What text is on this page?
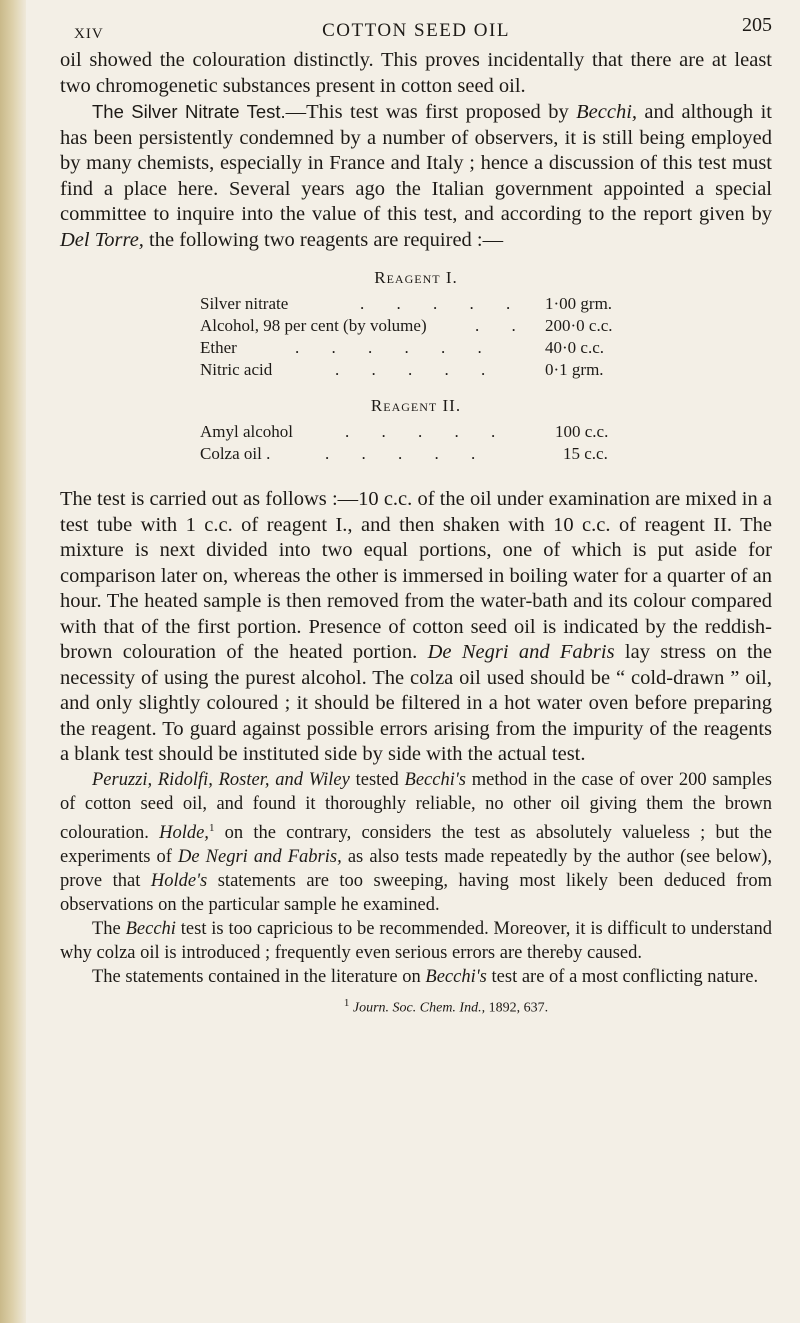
XIV	COTTON SEED OIL	205

oil showed the colouration distinctly. This proves incidentally that there are at least two chromogenetic substances present in cotton seed oil.

The Silver Nitrate Test.—This test was first proposed by Becchi, and although it has been persistently condemned by a number of observers, it is still being employed by many chemists, especially in France and Italy ; hence a discussion of this test must find a place here. Several years ago the Italian government appointed a special committee to inquire into the value of this test, and according to the report given by Del Torre, the following two reagents are required :—

Reagent I.
Silver nitrate	. . . . . 1·00 grm.
Alcohol, 98 per cent (by volume)	. . 200·0 c.c.
Ether	. . . . . .	40·0 c.c.
Nitric acid	. . . . .	0·1 grm.
Reagent II.
Amyl alcohol	. . . . .	100 c.c.
Colza oil .	. . . . .	15 c.c.

The test is carried out as follows :—10 c.c. of the oil under examination are mixed in a test tube with 1 c.c. of reagent I., and then shaken with 10 c.c. of reagent II. The mixture is next divided into two equal portions, one of which is put aside for comparison later on, whereas the other is immersed in boiling water for a quarter of an hour. The heated sample is then removed from the water-bath and its colour compared with that of the first portion. Presence of cotton seed oil is indicated by the reddish-brown colouration of the heated portion. De Negri and Fabris lay stress on the necessity of using the purest alcohol. The colza oil used should be “ cold-drawn ” oil, and only slightly coloured ; it should be filtered in a hot water oven before preparing the reagent. To guard against possible errors arising from the impurity of the reagents a blank test should be instituted side by side with the actual test.

Peruzzi, Ridolfi, Roster, and Wiley tested Becchi's method in the case of over 200 samples of cotton seed oil, and found it thoroughly reliable, no other oil giving them the brown colouration. Holde,$^1$ on the contrary, considers the test as absolutely valueless ; but the experiments of De Negri and Fabris, as also tests made repeatedly by the author (see below), prove that Holde's statements are too sweeping, having most likely been deduced from observations on the particular sample he examined.

The Becchi test is too capricious to be recommended. Moreover, it is difficult to understand why colza oil is introduced ; frequently even serious errors are thereby caused.

The statements contained in the literature on Becchi's test are of a most conflicting nature.

$^1$ Journ. Soc. Chem. Ind., 1892, 637.
